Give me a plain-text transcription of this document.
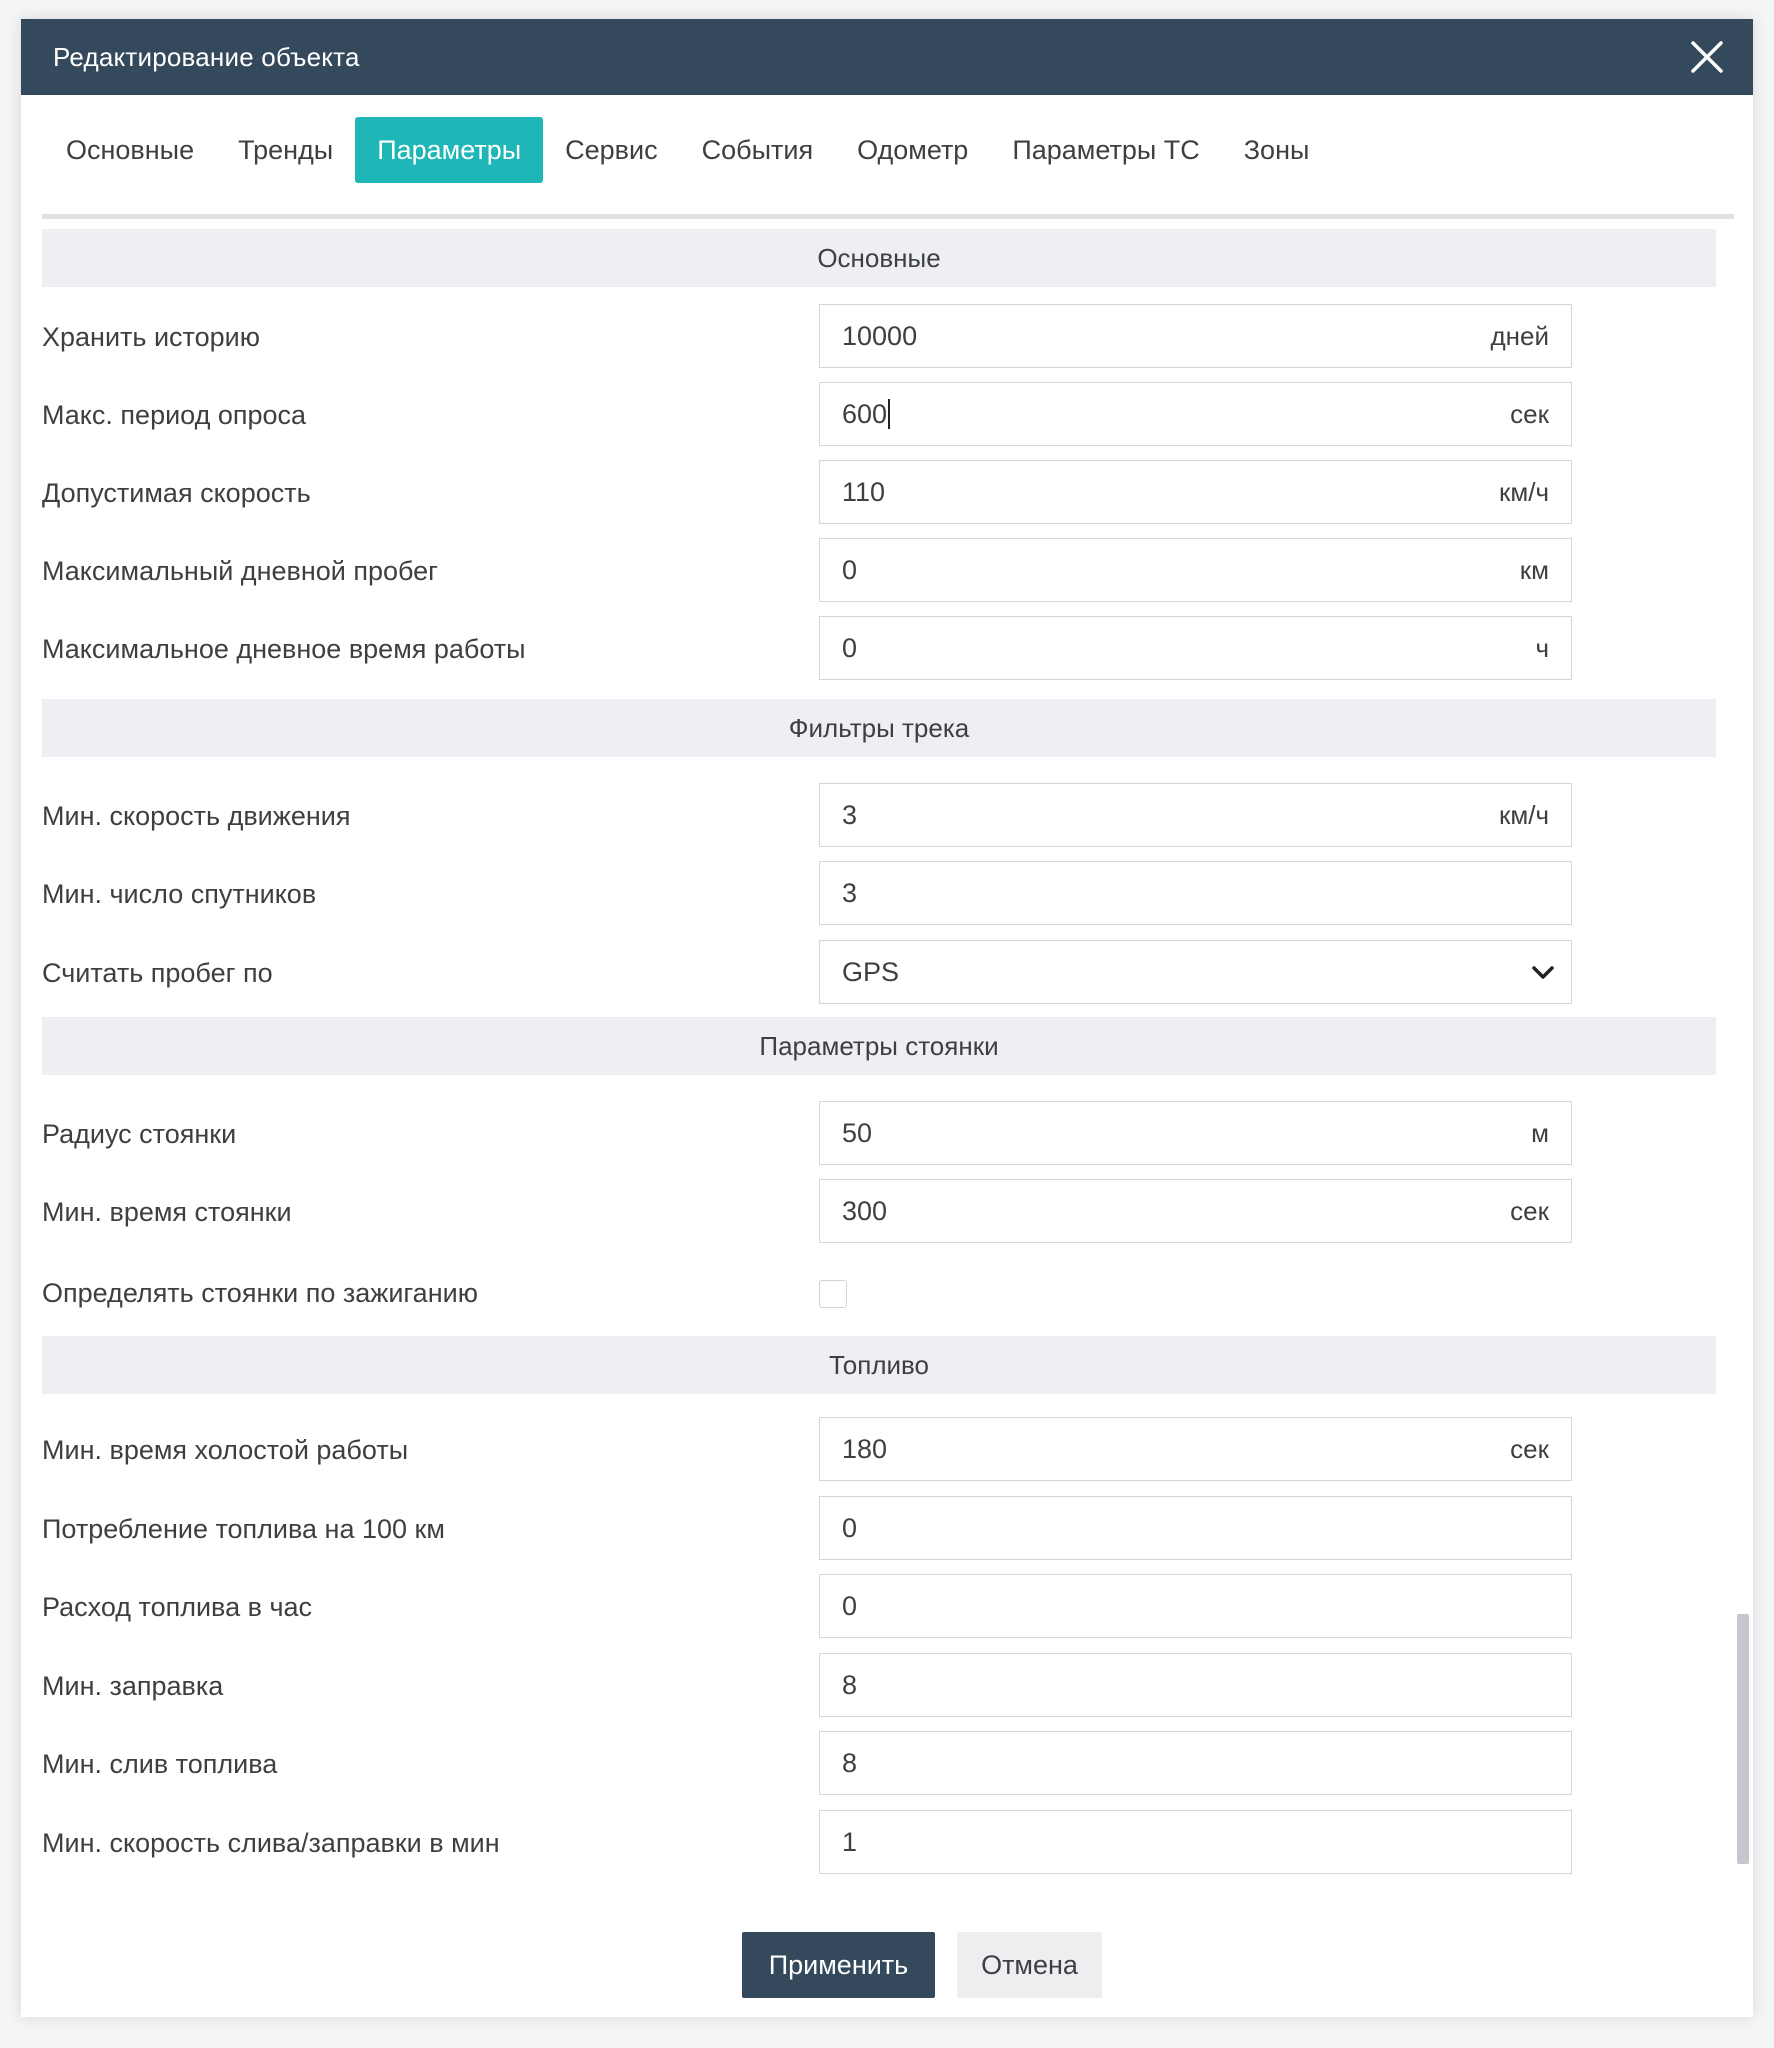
Редактирование объекта
Основные	Тренды	Параметры	Сервис	События	Одометр	Параметры ТС	Зоны
Основные
Хранить историю	10000	дней
Макс. период опроса	600	сек
Допустимая скорость	110	км/ч
Максимальный дневной пробег	0	км
Максимальное дневное время работы	0	ч
Фильтры трека
Мин. скорость движения	3	км/ч
Мин. число спутников	3
Считать пробег по	GPS
Параметры стоянки
Радиус стоянки	50	м
Мин. время стоянки	300	сек
Определять стоянки по зажиганию
Топливо
Мин. время холостой работы	180	сек
Потребление топлива на 100 км	0
Расход топлива в час	0
Мин. заправка	8
Мин. слив топлива	8
Мин. скорость слива/заправки в мин	1
Применить	Отмена
